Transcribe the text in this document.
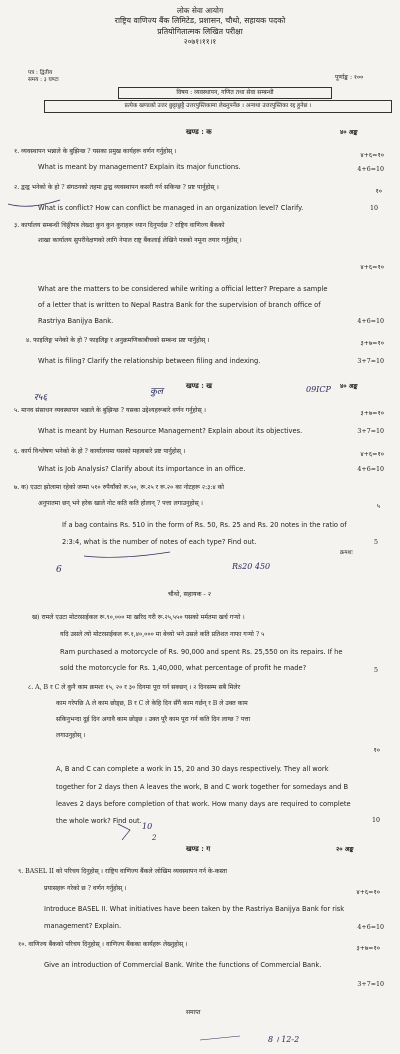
लोक सेवा आयोग
राष्ट्रिय वाणिज्य बैंक लिमिटेड, प्रशासन, चौथो, सहायक पदको
प्रतियोगितात्मक लिखित परीक्षा
२०७१।११।१
पत्र : द्वितीय
समय : ३ घण्टा	पूर्णाङ्क : १००
विषय : व्यवस्थापन, गणित तथा सेवा सम्बन्धी
प्रत्येक खण्डको उत्तर छुट्टाछुट्टै उत्तरपुस्तिकामा लेख्नुपर्नेछ । अन्यथा उत्तरपुस्तिका रद्द हुनेछ ।
खण्ड : क	४० अङ्क
१. व्यवस्थापन भन्नाले के बुझिन्छ ? यसका प्रमुख कार्यहरू वर्णन गर्नुहोस् ।
४+६=१०
What is meant by management? Explain its major functions.	4+6=10
२. द्वन्द्व भनेको के हो ? संगठनको तहमा द्वन्द्व व्यवस्थापन कसरी गर्न सकिन्छ ? प्रष्ट पार्नुहोस् ।
१०
What is conflict? How can conflict be managed in an organization level? Clarify.	10
३. कार्यालय सम्बन्धी चिठ्ठीपत्र लेख्दा कुन कुन कुराहरू ध्यान दिनुपर्दछ ? राष्ट्रिय वाणिज्य बैंकको
शाखा कार्यालय सुपरीवेक्षणको लागि नेपाल राष्ट्र बैंकलाई लेखिने पत्रको नमूना तयार गर्नुहोस् ।
४+६=१०
What are the matters to be considered while writing a official letter? Prepare a sample
of a letter that is written to Nepal Rastra Bank for the supervision of branch office of
Rastriya Banijya Bank.	4+6=10
४. फाइलिङ्ग भनेको के हो ? फाइलिङ्ग र अनुक्रमणिकाबीचको सम्बन्ध प्रष्ट पार्नुहोस् ।	३+७=१०
What is filing? Clarify the relationship between filing and indexing.	3+7=10
खण्ड : ख	४० अङ्क
५. मानव संसाधन व्यवस्थापन भन्नाले के बुझिन्छ ? यसका उद्देश्यहरूबारे वर्णन गर्नुहोस् ।	३+७=१०
What is meant by Human Resource Management? Explain about its objectives.	3+7=10
६. कार्य विश्लेषण भनेको के हो ? कार्यालयमा यसको महत्वबारे प्रष्ट पार्नुहोस् ।	४+६=१०
What is Job Analysis? Clarify about its importance in an office.	4+6=10
७. क) एउटा झोलामा रहेको जम्मा ५१० रुपैयाँको रू.५०, रू.२५ र रू.२० का नोटहरू २:३:४ को
अनुपातमा छन् भने हरेक खाले नोट कति कति होलान् ? पत्ता लगाउनुहोस् ।	५
If a bag contains Rs. 510 in the form of Rs. 50, Rs. 25 and Rs. 20 notes in the ratio of
2:3:4, what is the number of notes of each type? Find out.	5
क्रमशः
चौथो, सहायक - २
ख) रामले एउटा मोटरसाईकल रू.९०,००० मा खरिद गरी रू.२५,५५० यसको मर्मतमा खर्च गर्‍यो ।
यदि उसले त्यो मोटरसाईकल रू.१,४०,००० मा बेच्यो भने उसले कति प्रतिशत नाफा गर्‍यो ? ५
Ram purchased a motorcycle of Rs. 90,000 and spent Rs. 25,550 on its repairs. If he
sold the motorcycle for Rs. 1,40,000, what percentage of profit he made?	5
८. A, B र C ले कुनै काम क्रमशः १५, २० र ३० दिनमा पूरा गर्न सक्छन् । २ दिनसम्म सबै मिलेर
काम गरेपछि A ले काम छोड्छ, B र C ले केहि दिन सँगै काम गर्छन् र B ले उक्त काम
सकिनुभन्दा दुई दिन अगावै काम छोड्छ । उक्त पूरै काम पूरा गर्न कति दिन लाग्छ ? पत्ता
लगाउनुहोस् ।
१०
A, B and C can complete a work in 15, 20 and 30 days respectively. They all work
together for 2 days then A leaves the work, B and C work together for somedays and B
leaves 2 days before completion of that work. How many days are required to complete
the whole work? Find out.	10
खण्ड : ग	२० अङ्क
९. BASEL II को परिचय दिनुहोस् । राष्ट्रिय वाणिज्य बैंकले जोखिम व्यवस्थापन गर्न के-कस्ता
प्रयासहरू गरेको छ ? वर्णन गर्नुहोस् ।
४+६=१०
Introduce BASEL II. What initiatives have been taken by the Rastriya Banijya Bank for risk
management? Explain.	4+6=10
१०. वाणिज्य बैंकको परिचय दिनुहोस् । वाणिज्य बैंकका कार्यहरू लेख्नुहोस् ।
३+७=१०
Give an introduction of Commercial Bank. Write the functions of Commercial Bank.
3+7=10
समाप्त
र५६
कुल	09ICP
6	Rs20 450
10
2
8 । 12-2
